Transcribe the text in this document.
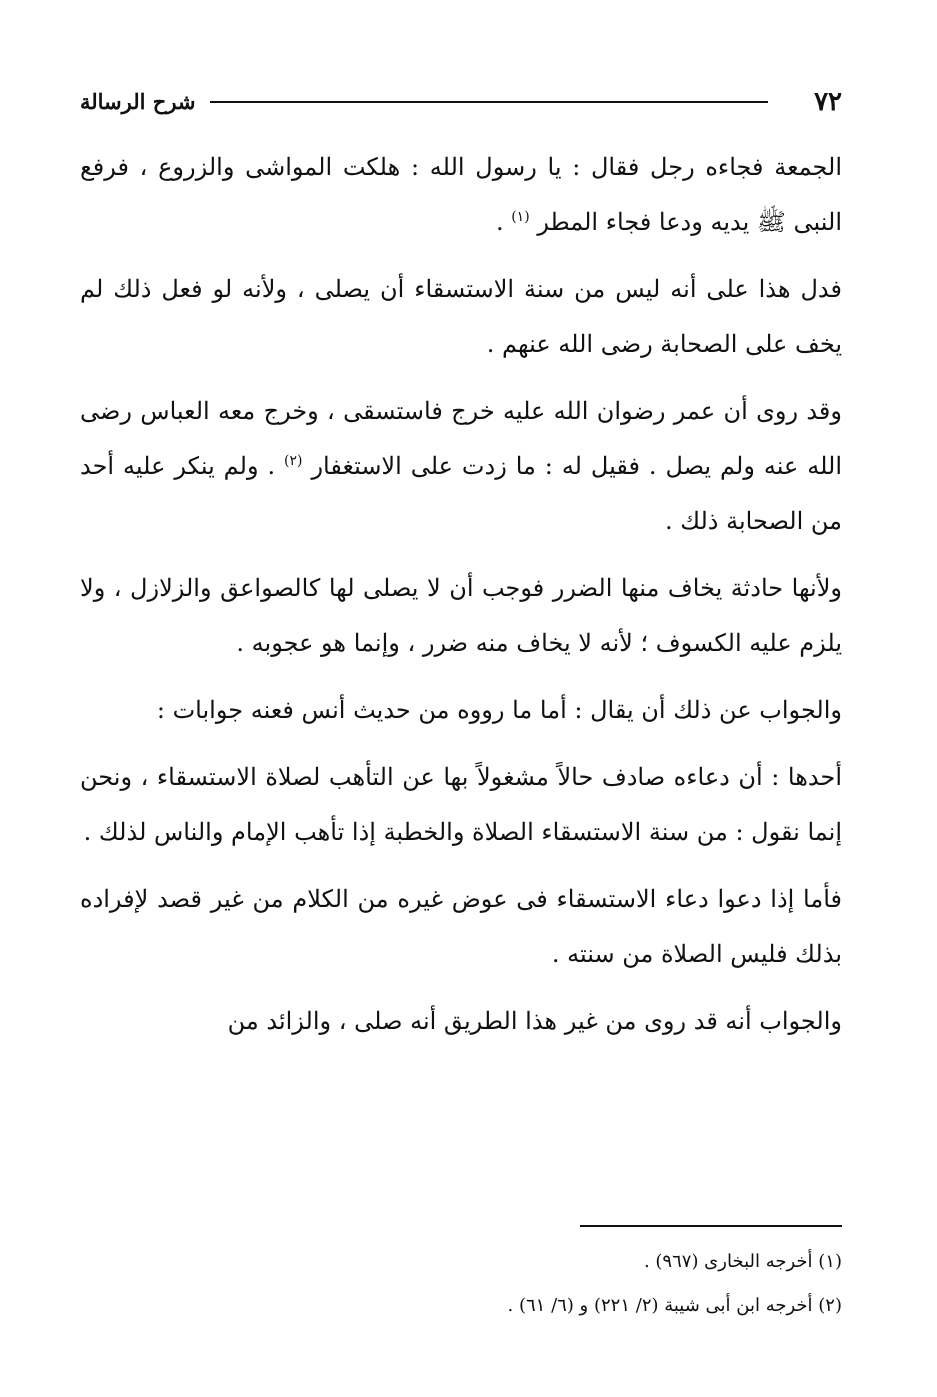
٧٢
شرح الرسالة

الجمعة فجاءه رجل فقال : يا رسول الله : هلكت المواشى والزروع ، فرفع النبى ﷺ يديه ودعا فجاء المطر $^{(١)}$ .

فدل هذا على أنه ليس من سنة الاستسقاء أن يصلى ، ولأنه لو فعل ذلك لم يخف على الصحابة رضى الله عنهم .

وقد روى أن عمر رضوان الله عليه خرج فاستسقى ، وخرج معه العباس رضى الله عنه ولم يصل . فقيل له : ما زدت على الاستغفار $^{(٢)}$ . ولم ينكر عليه أحد من الصحابة ذلك .

ولأنها حادثة يخاف منها الضرر فوجب أن لا يصلى لها كالصواعق والزلازل ، ولا يلزم عليه الكسوف ؛ لأنه لا يخاف منه ضرر ، وإنما هو عجوبه .

والجواب عن ذلك أن يقال : أما ما رووه من حديث أنس فعنه جوابات :

أحدها : أن دعاءه صادف حالاً مشغولاً بها عن التأهب لصلاة الاستسقاء ، ونحن إنما نقول : من سنة الاستسقاء الصلاة والخطبة إذا تأهب الإمام والناس لذلك .

فأما إذا دعوا دعاء الاستسقاء فى عوض غيره من الكلام من غير قصد لإفراده بذلك فليس الصلاة من سنته .

والجواب أنه قد روى من غير هذا الطريق أنه صلى ، والزائد من

(١) أخرجه البخارى (٩٦٧) .

(٢) أخرجه ابن أبى شيبة (٢/ ٢٢١) و (٦/ ٦١) .
